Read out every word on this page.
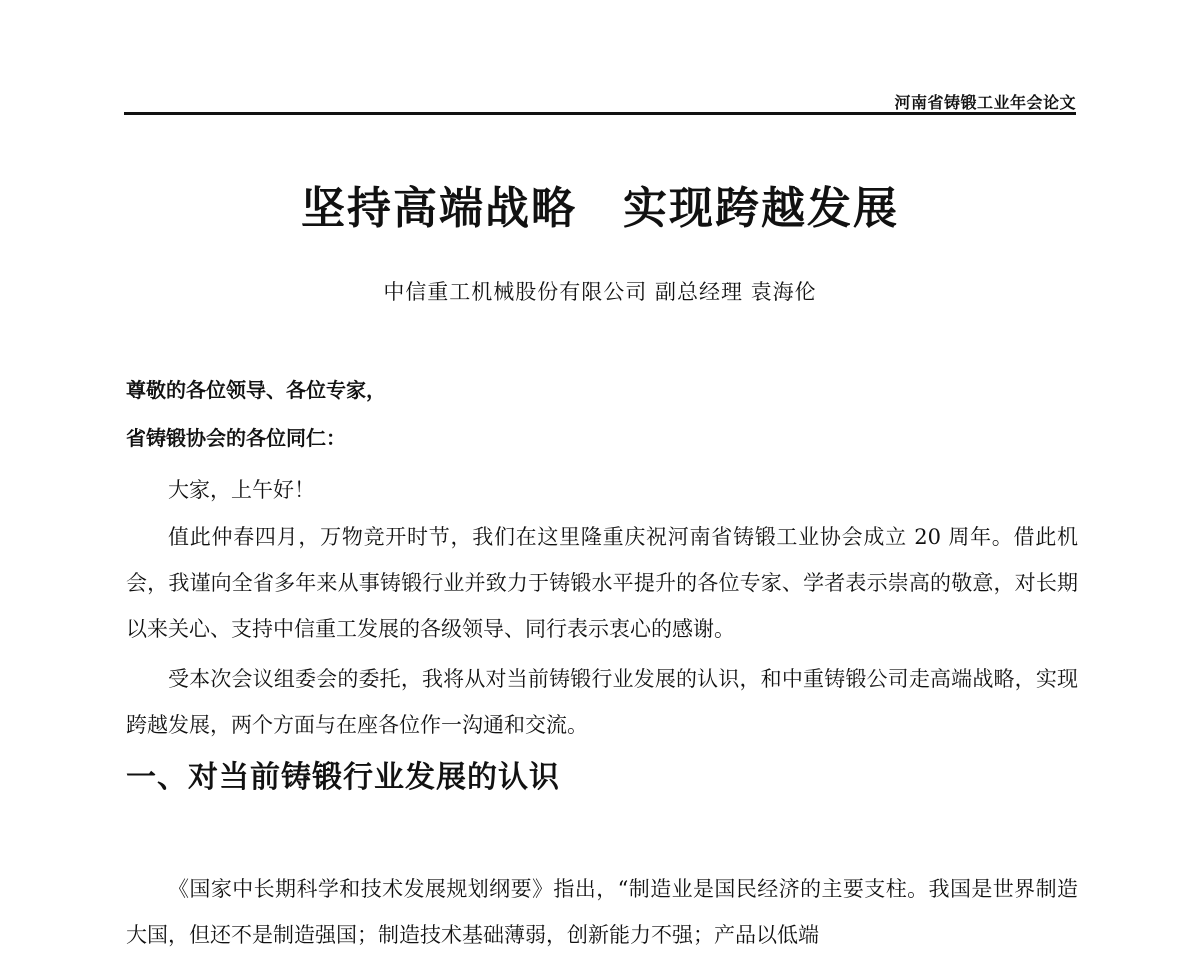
河南省铸锻工业年会论文
坚持高端战略　实现跨越发展
中信重工机械股份有限公司 副总经理 袁海伦
尊敬的各位领导、各位专家，
省铸锻协会的各位同仁：
大家，上午好！
值此仲春四月，万物竞开时节，我们在这里隆重庆祝河南省铸锻工业协会成立 20 周年。借此机会，我谨向全省多年来从事铸锻行业并致力于铸锻水平提升的各位专家、学者表示崇高的敬意，对长期以来关心、支持中信重工发展的各级领导、同行表示衷心的感谢。
受本次会议组委会的委托，我将从对当前铸锻行业发展的认识，和中重铸锻公司走高端战略，实现跨越发展，两个方面与在座各位作一沟通和交流。
一、对当前铸锻行业发展的认识
《国家中长期科学和技术发展规划纲要》指出，“制造业是国民经济的主要支柱。我国是世界制造大国，但还不是制造强国；制造技术基础薄弱，创新能力不强；产品以低端
